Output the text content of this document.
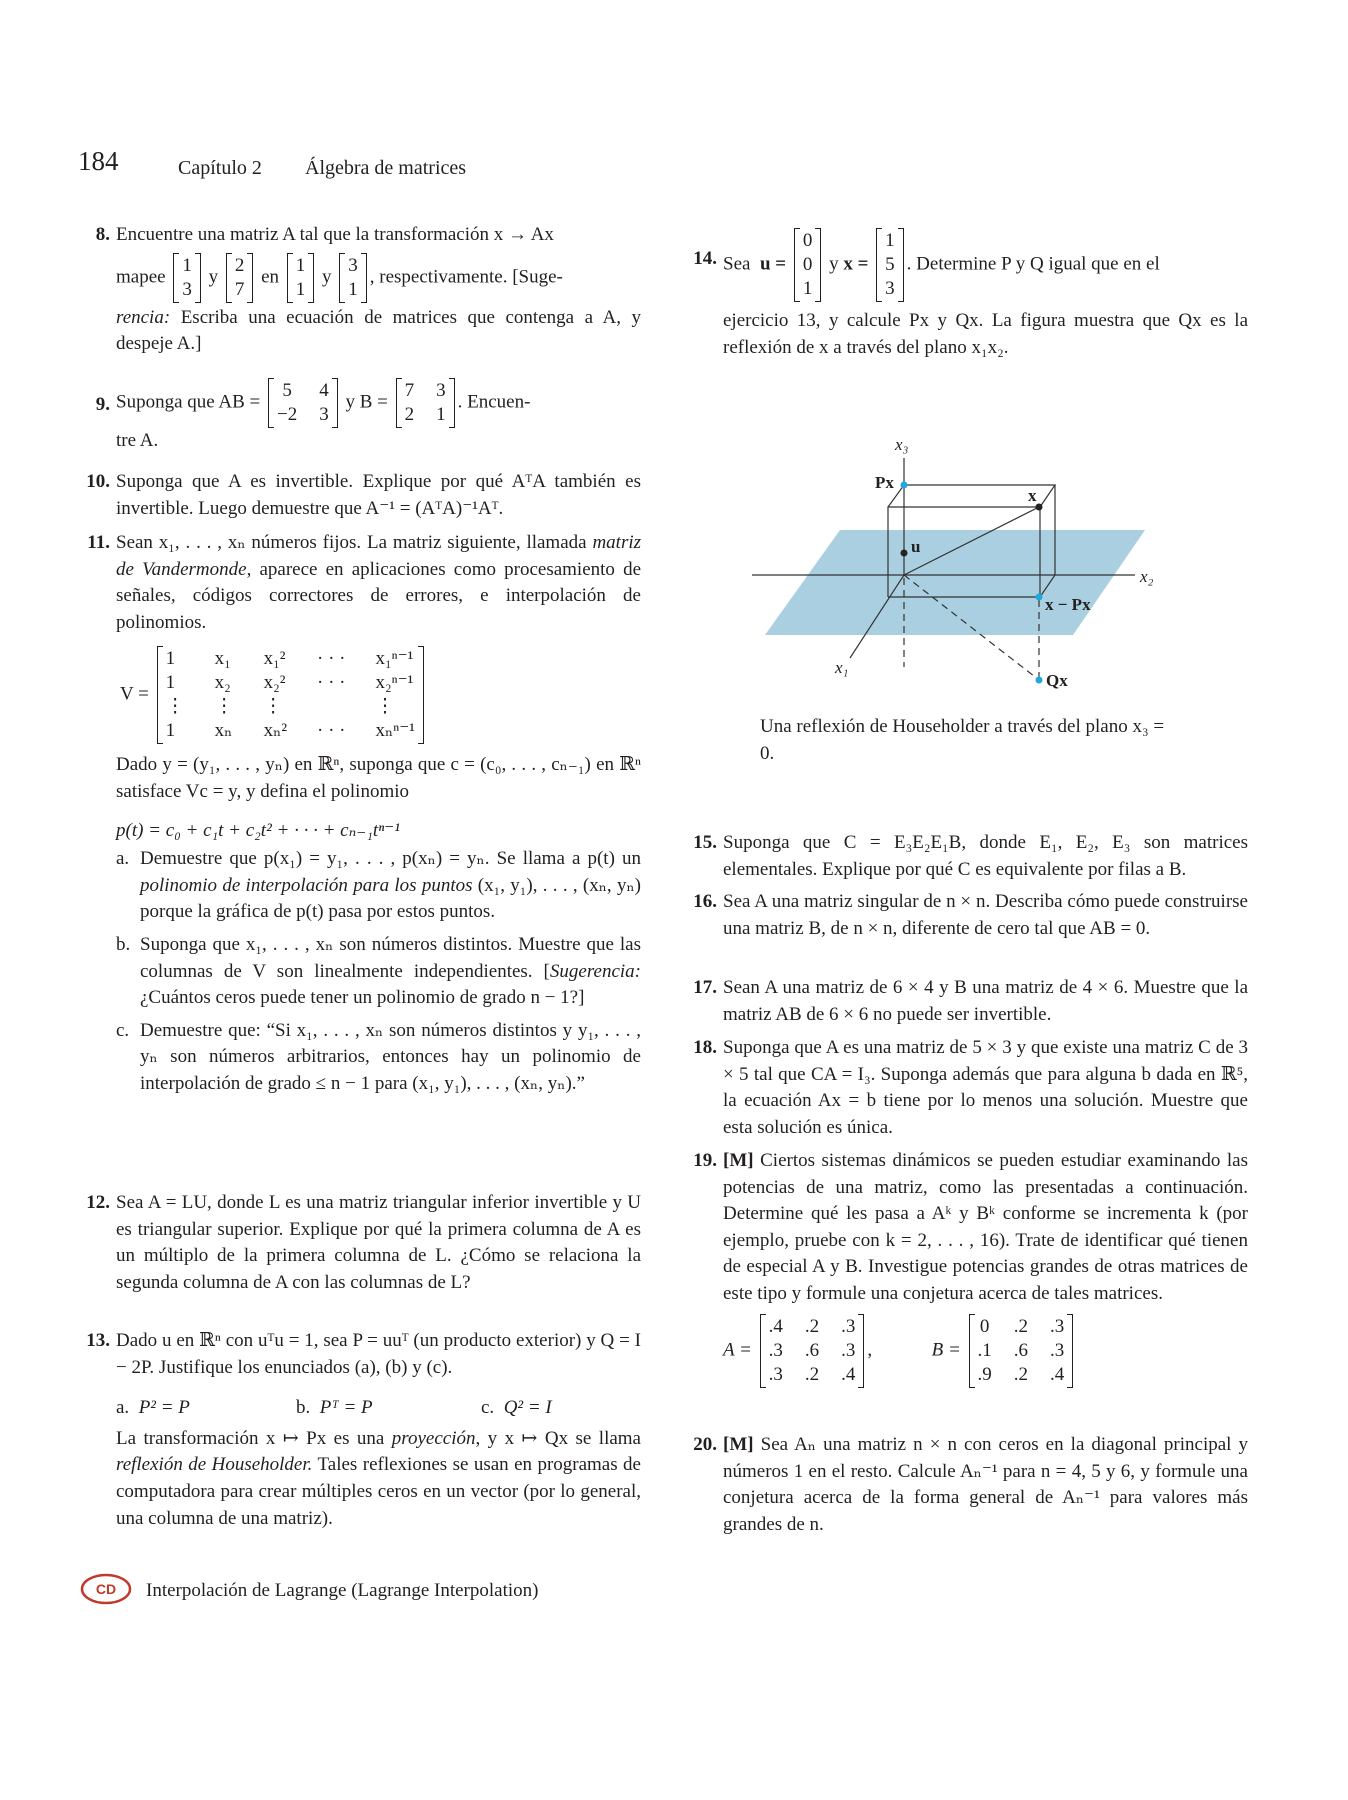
184	Capítulo 2 Álgebra de matrices
8. Encuentre una matriz A tal que la transformación x → Ax
mapee
1
3
y
2
7
en
1
1
y
3
1
, respectivamente. [Suge-
rencia: Escriba una ecuación de matrices que contenga a A, y despeje A.]
9. Suponga que AB =
5 4
−2 3
y B =
7 3
2 1
. Encuen-
tre A.
10. Suponga que A es invertible. Explique por qué AᵀA también es invertible. Luego demuestre que A⁻¹ = (AᵀA)⁻¹Aᵀ.
11. Sean x₁, . . . , xₙ números fijos. La matriz siguiente, llamada matriz de Vandermonde, aparece en aplicaciones como procesamiento de señales, códigos correctores de errores, e interpolación de polinomios.
V =
1	x₁ x₁² · · · x₁ⁿ⁻¹
1	x₂ x₂² · · · x₂ⁿ⁻¹
⋮ ⋮ ⋮	⋮
1	xₙ xₙ² · · · xₙⁿ⁻¹
Dado y = (y₁, . . . , yₙ) en ℝⁿ, suponga que c = (c₀, . . . , cₙ₋₁) en ℝⁿ satisface Vc = y, y defina el polinomio
p(t) = c₀ + c₁t + c₂t² + · · · + cₙ₋₁tⁿ⁻¹
a. Demuestre que p(x₁) = y₁, . . . , p(xₙ) = yₙ. Se llama a p(t) un polinomio de interpolación para los puntos (x₁, y₁), . . . , (xₙ, yₙ) porque la gráfica de p(t) pasa por estos puntos.
b. Suponga que x₁, . . . , xₙ son números distintos. Muestre que las columnas de V son linealmente independientes. [Sugerencia: ¿Cuántos ceros puede tener un polinomio de grado n − 1?]
c. Demuestre que: “Si x₁, . . . , xₙ son números distintos y y₁, . . . , yₙ son números arbitrarios, entonces hay un polinomio de interpolación de grado ≤ n − 1 para (x₁, y₁), . . . , (xₙ, yₙ).”
12. Sea A = LU, donde L es una matriz triangular inferior invertible y U es triangular superior. Explique por qué la primera columna de A es un múltiplo de la primera columna de L. ¿Cómo se relaciona la segunda columna de A con las columnas de L?
13. Dado u en ℝⁿ con uᵀu = 1, sea P = uuᵀ (un producto exterior) y Q = I − 2P. Justifique los enunciados (a), (b) y (c).
a. P² = P	b. Pᵀ = P	c. Q² = I
La transformación x ↦ Px es una proyección, y x ↦ Qx se llama reflexión de Householder. Tales reflexiones se usan en programas de computadora para crear múltiples ceros en un vector (por lo general, una columna de una matriz).
CD Interpolación de Lagrange (Lagrange Interpolation)
14. Sea u =
0
0
1
y x =
1
5
3
. Determine P y Q igual que en el
ejercicio 13, y calcule Px y Qx. La figura muestra que Qx es la reflexión de x a través del plano x₁x₂.
x₃
x₂
x₁
Px
x
u
x − Px
Qx
Una reflexión de Householder a través del plano x₃ = 0.
15. Suponga que C = E₃E₂E₁B, donde E₁, E₂, E₃ son matrices elementales. Explique por qué C es equivalente por filas a B.
16. Sea A una matriz singular de n × n. Describa cómo puede construirse una matriz B, de n × n, diferente de cero tal que AB = 0.
17. Sean A una matriz de 6 × 4 y B una matriz de 4 × 6. Muestre que la matriz AB de 6 × 6 no puede ser invertible.
18. Suponga que A es una matriz de 5 × 3 y que existe una matriz C de 3 × 5 tal que CA = I₃. Suponga además que para alguna b dada en ℝ⁵, la ecuación Ax = b tiene por lo menos una solución. Muestre que esta solución es única.
19. [M] Ciertos sistemas dinámicos se pueden estudiar examinando las potencias de una matriz, como las presentadas a continuación. Determine qué les pasa a Aᵏ y Bᵏ conforme se incrementa k (por ejemplo, pruebe con k = 2, . . . , 16). Trate de identificar qué tienen de especial A y B. Investigue potencias grandes de otras matrices de este tipo y formule una conjetura acerca de tales matrices.
A =
.4 .2 .3
.3 .6 .3
.3 .2 .4
,	B =
0 .2 .3
.1 .6 .3
.9 .2 .4
20. [M] Sea Aₙ una matriz n × n con ceros en la diagonal principal y números 1 en el resto. Calcule Aₙ⁻¹ para n = 4, 5 y 6, y formule una conjetura acerca de la forma general de Aₙ⁻¹ para valores más grandes de n.
